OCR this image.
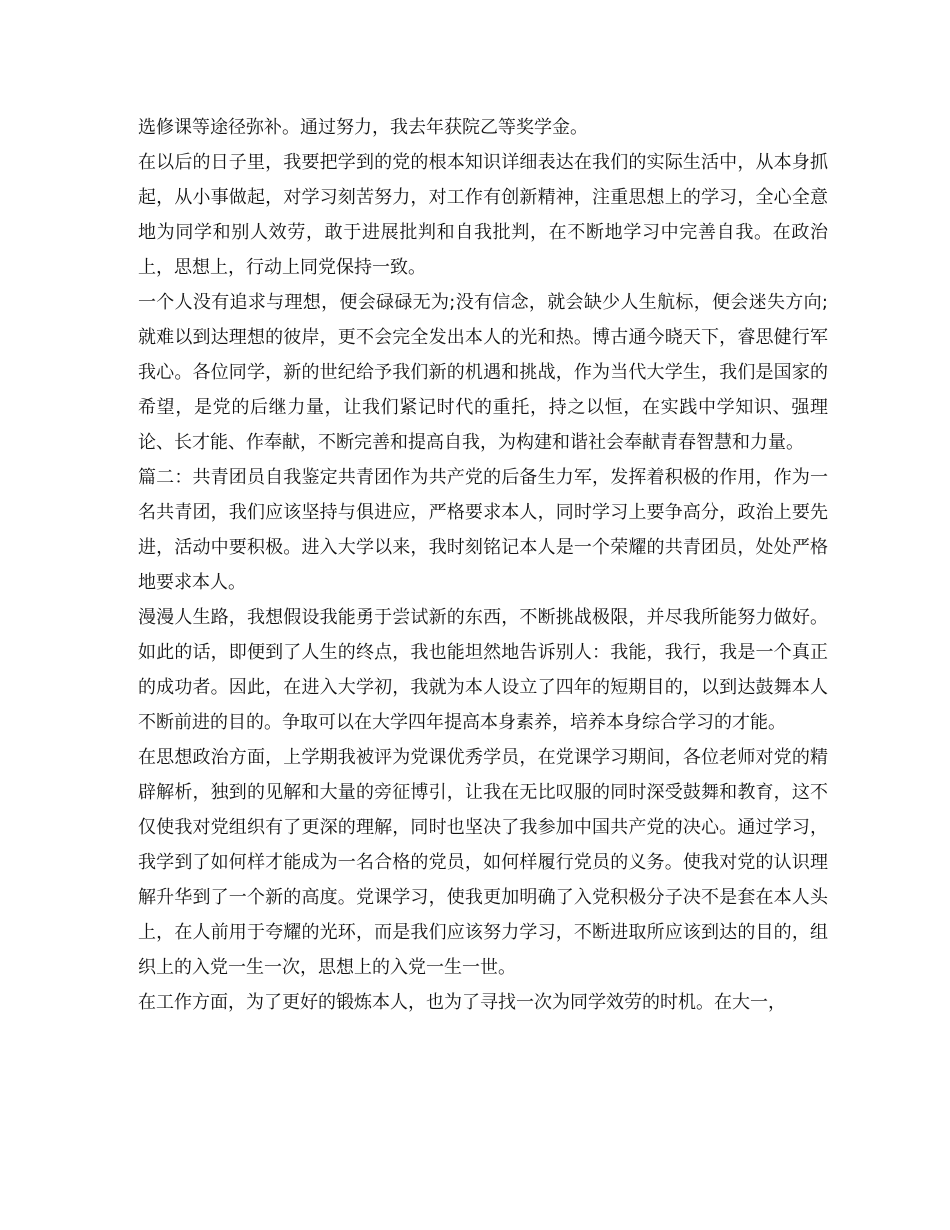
选修课等途径弥补。通过努力，我去年获院乙等奖学金。

在以后的日子里，我要把学到的党的根本知识详细表达在我们的实际生活中，从本身抓起，从小事做起，对学习刻苦努力，对工作有创新精神，注重思想上的学习，全心全意地为同学和别人效劳，敢于进展批判和自我批判，在不断地学习中完善自我。在政治上，思想上，行动上同党保持一致。

一个人没有追求与理想，便会碌碌无为;没有信念，就会缺少人生航标，便会迷失方向;就难以到达理想的彼岸，更不会完全发出本人的光和热。博古通今晓天下，睿思健行军我心。各位同学，新的世纪给予我们新的机遇和挑战，作为当代大学生，我们是国家的希望，是党的后继力量，让我们紧记时代的重托，持之以恒，在实践中学知识、强理论、长才能、作奉献，不断完善和提高自我，为构建和谐社会奉献青春智慧和力量。

篇二：共青团员自我鉴定共青团作为共产党的后备生力军，发挥着积极的作用，作为一名共青团，我们应该坚持与俱进应，严格要求本人，同时学习上要争高分，政治上要先进，活动中要积极。进入大学以来，我时刻铭记本人是一个荣耀的共青团员，处处严格地要求本人。

漫漫人生路，我想假设我能勇于尝试新的东西，不断挑战极限，并尽我所能努力做好。如此的话，即便到了人生的终点，我也能坦然地告诉别人：我能，我行，我是一个真正的成功者。因此，在进入大学初，我就为本人设立了四年的短期目的，以到达鼓舞本人不断前进的目的。争取可以在大学四年提高本身素养，培养本身综合学习的才能。

在思想政治方面，上学期我被评为党课优秀学员，在党课学习期间，各位老师对党的精辟解析，独到的见解和大量的旁征博引，让我在无比叹服的同时深受鼓舞和教育，这不仅使我对党组织有了更深的理解，同时也坚决了我参加中国共产党的决心。通过学习，我学到了如何样才能成为一名合格的党员，如何样履行党员的义务。使我对党的认识理解升华到了一个新的高度。党课学习，使我更加明确了入党积极分子决不是套在本人头上，在人前用于夸耀的光环，而是我们应该努力学习，不断进取所应该到达的目的，组织上的入党一生一次，思想上的入党一生一世。

在工作方面，为了更好的锻炼本人，也为了寻找一次为同学效劳的时机。在大一，
